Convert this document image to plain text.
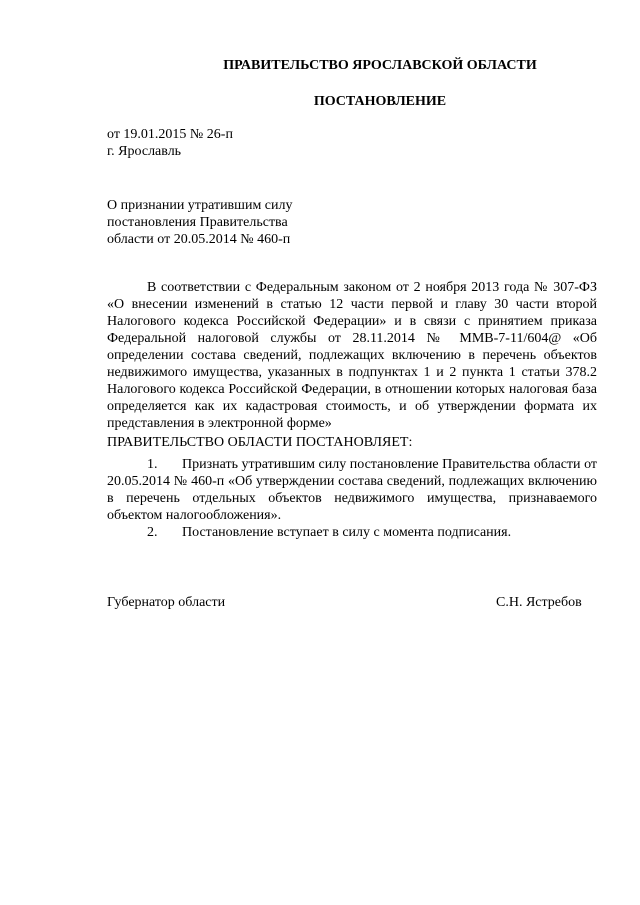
ПРАВИТЕЛЬСТВО ЯРОСЛАВСКОЙ ОБЛАСТИ
ПОСТАНОВЛЕНИЕ
от 19.01.2015 № 26-п
г. Ярославль
О признании утратившим силу
постановления Правительства
области от 20.05.2014 № 460-п
В соответствии с Федеральным законом от 2 ноября 2013 года № 307-ФЗ «О внесении изменений в статью 12 части первой и главу 30 части второй Налогового кодекса Российской Федерации» и в связи с принятием приказа Федеральной налоговой службы от 28.11.2014 № ММВ-7-11/604@ «Об определении состава сведений, подлежащих включению в перечень объектов недвижимого имущества, указанных в подпунктах 1 и 2 пункта 1 статьи 378.2 Налогового кодекса Российской Федерации, в отношении которых налоговая база определяется как их кадастровая стоимость, и об утверждении формата их представления в электронной форме»
ПРАВИТЕЛЬСТВО ОБЛАСТИ ПОСТАНОВЛЯЕТ:
1. Признать утратившим силу постановление Правительства области от 20.05.2014 № 460-п «Об утверждении состава сведений, подлежащих включению в перечень отдельных объектов недвижимого имущества, признаваемого объектом налогообложения».
2. Постановление вступает в силу с момента подписания.
Губернатор области	С.Н. Ястребов
